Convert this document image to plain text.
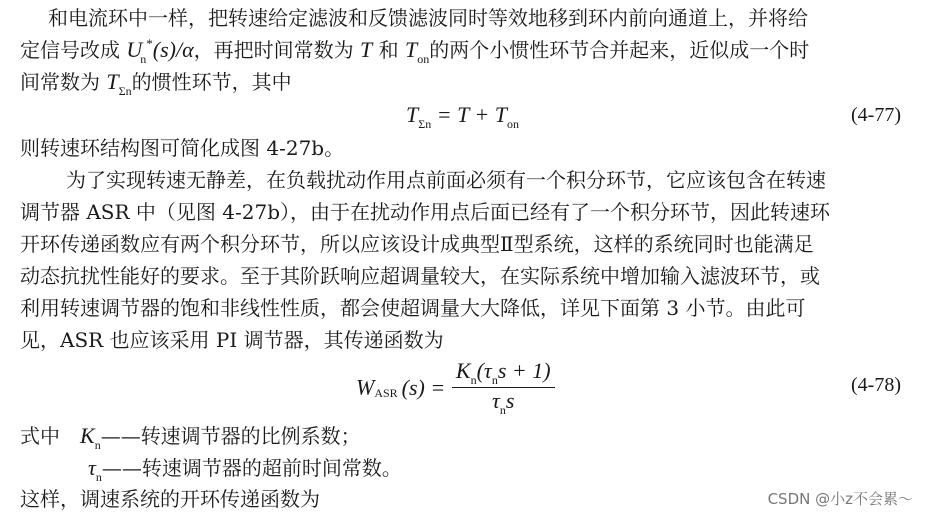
和电流环中一样，把转速给定滤波和反馈滤波同时等效地移到环内前向通道上，并将给
定信号改成 $U_n^*(s)/\alpha$，再把时间常数为 T 和 $T_{on}$的两个小惯性环节合并起来，近似成一个时
间常数为 $T_{\Sigma n}$的惯性环节，其中
$T_{\Sigma n} = T + T_{on}$	(4-77)
则转速环结构图可简化成图 4-27b。
为了实现转速无静差，在负载扰动作用点前面必须有一个积分环节，它应该包含在转速
调节器 ASR 中（见图 4-27b），由于在扰动作用点后面已经有了一个积分环节，因此转速环
开环传递函数应有两个积分环节，所以应该设计成典型Ⅱ型系统，这样的系统同时也能满足
动态抗扰性能好的要求。至于其阶跃响应超调量较大，在实际系统中增加输入滤波环节，或
利用转速调节器的饱和非线性性质，都会使超调量大大降低，详见下面第 3 小节。由此可
见，ASR 也应该采用 PI 调节器，其传递函数为
$W_{ASR}$ $(s) = \frac{K_n(\tau_ns + 1)}{\tau_ns}$	(4-78)
式中 $K_n——$转速调节器的比例系数；
$\tau_n——$转速调节器的超前时间常数。
这样，调速系统的开环传递函数为	CSDN @小z不会累～
